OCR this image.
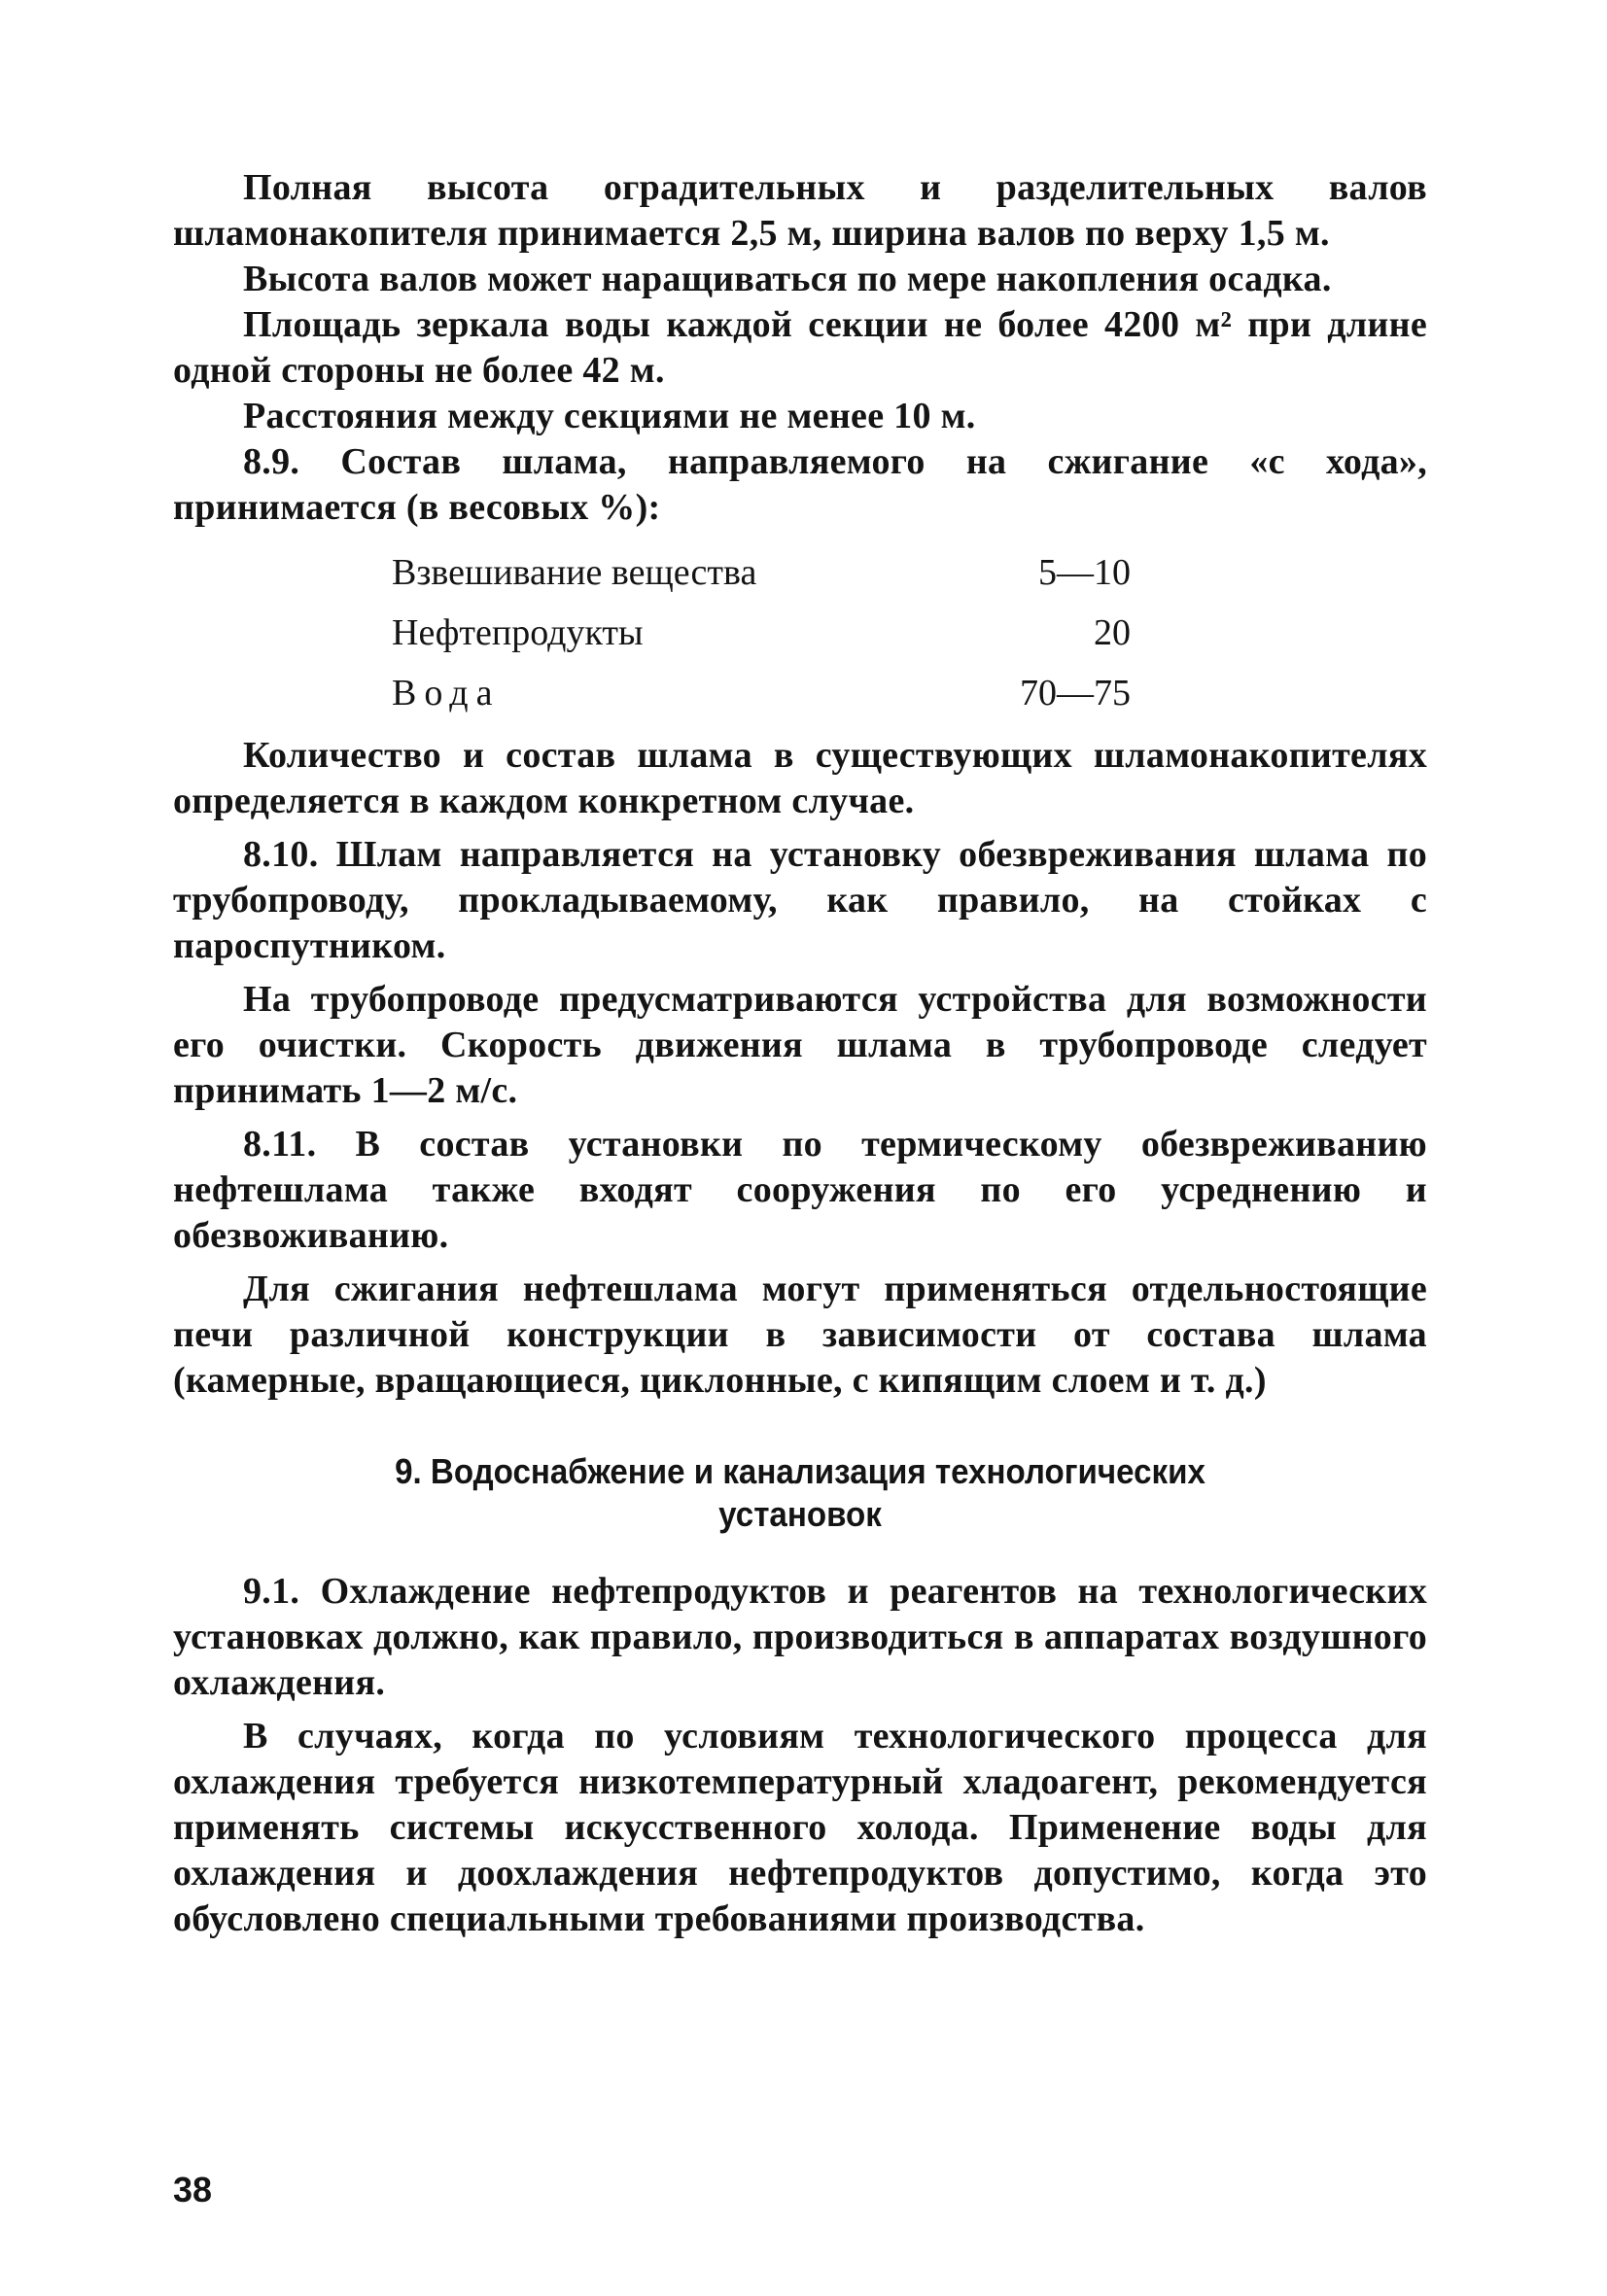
Полная высота оградительных и разделительных валов шламонакопителя принимается 2,5 м, ширина валов по верху 1,5 м.

Высота валов может наращиваться по мере накопления осадка.

Площадь зеркала воды каждой секции не более 4200 м² при длине одной стороны не более 42 м.

Расстояния между секциями не менее 10 м.

8.9. Состав шлама, направляемого на сжигание «с хода», принимается (в весовых %):

Взвешивание вещества	5—10
Нефтепродукты	20
Вода	70—75

Количество и состав шлама в существующих шламонакопителях определяется в каждом конкретном случае.

8.10. Шлам направляется на установку обезвреживания шлама по трубопроводу, прокладываемому, как правило, на стойках с пароспутником.

На трубопроводе предусматриваются устройства для возможности его очистки. Скорость движения шлама в трубопроводе следует принимать 1—2 м/с.

8.11. В состав установки по термическому обезвреживанию нефтешлама также входят сооружения по его усреднению и обезвоживанию.

Для сжигания нефтешлама могут применяться отдельностоящие печи различной конструкции в зависимости от состава шлама (камерные, вращающиеся, циклонные, с кипящим слоем и т. д.)

9. Водоснабжение и канализация технологических
установок

9.1. Охлаждение нефтепродуктов и реагентов на технологических установках должно, как правило, производиться в аппаратах воздушного охлаждения.

В случаях, когда по условиям технологического процесса для охлаждения требуется низкотемпературный хладоагент, рекомендуется применять системы искусственного холода. Применение воды для охлаждения и доохлаждения нефтепродуктов допустимо, когда это обусловлено специальными требованиями производства.

38
